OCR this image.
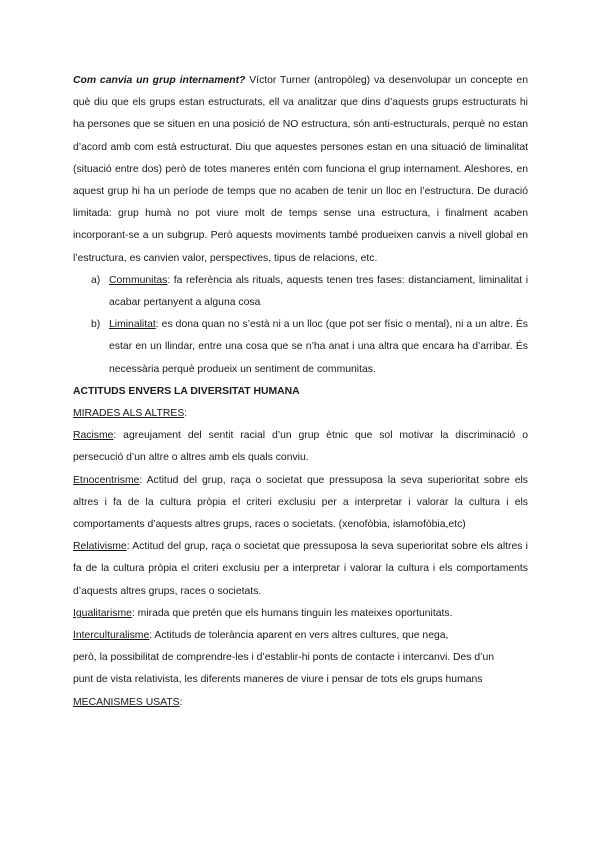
Com canvia un grup internament? Víctor Turner (antropòleg) va desenvolupar un concepte en què diu que els grups estan estructurats, ell va analitzar que dins d’aquests grups estructurats hi ha persones que se situen en una posició de NO estructura, són anti-estructurals, perquè no estan d’acord amb com està estructurat. Diu que aquestes persones estan en una situació de liminalitat (situació entre dos) però de totes maneres entén com funciona el grup internament. Aleshores, en aquest grup hi ha un període de temps que no acaben de tenir un lloc en l’estructura. De duració limitada: grup humà no pot viure molt de temps sense una estructura, i finalment acaben incorporant-se a un subgrup. Però aquests moviments també produeixen canvis a nivell global en l’estructura, es canvien valor, perspectives, tipus de relacions, etc.

a) Communitas: fa referència als rituals, aquests tenen tres fases: distanciament, liminalitat i acabar pertanyent a alguna cosa
b) Liminalitat: es dona quan no s’està ni a un lloc (que pot ser físic o mental), ni a un altre. És estar en un llindar, entre una cosa que se n’ha anat i una altra que encara ha d’arribar. És necessària perquè produeix un sentiment de communitas.

ACTITUDS ENVERS LA DIVERSITAT HUMANA

MIRADES ALS ALTRES:

Racisme: agreujament del sentit racial d’un grup ètnic que sol motivar la discriminació o persecució d’un altre o altres amb els quals conviu.

Etnocentrisme: Actitud del grup, raça o societat que pressuposa la seva superioritat sobre els altres i fa de la cultura pròpia el criteri exclusiu per a interpretar i valorar la cultura i els comportaments d’aquests altres grups, races o societats. (xenofòbia, islamofòbia,etc)

Relativisme: Actitud del grup, raça o societat que pressuposa la seva superioritat sobre els altres i fa de la cultura pròpia el criteri exclusiu per a interpretar i valorar la cultura i els comportaments d’aquests altres grups, races o societats.

Igualitarisme: mirada que pretén que els humans tinguin les mateixes oportunitats.

Interculturalisme: Actituds de tolerància aparent en vers altres cultures, que nega,
però, la possibilitat de comprendre-les i d’establir-hi ponts de contacte i intercanvi. Des d’un
punt de vista relativista, les diferents maneres de viure i pensar de tots els grups humans

MECANISMES USATS:
